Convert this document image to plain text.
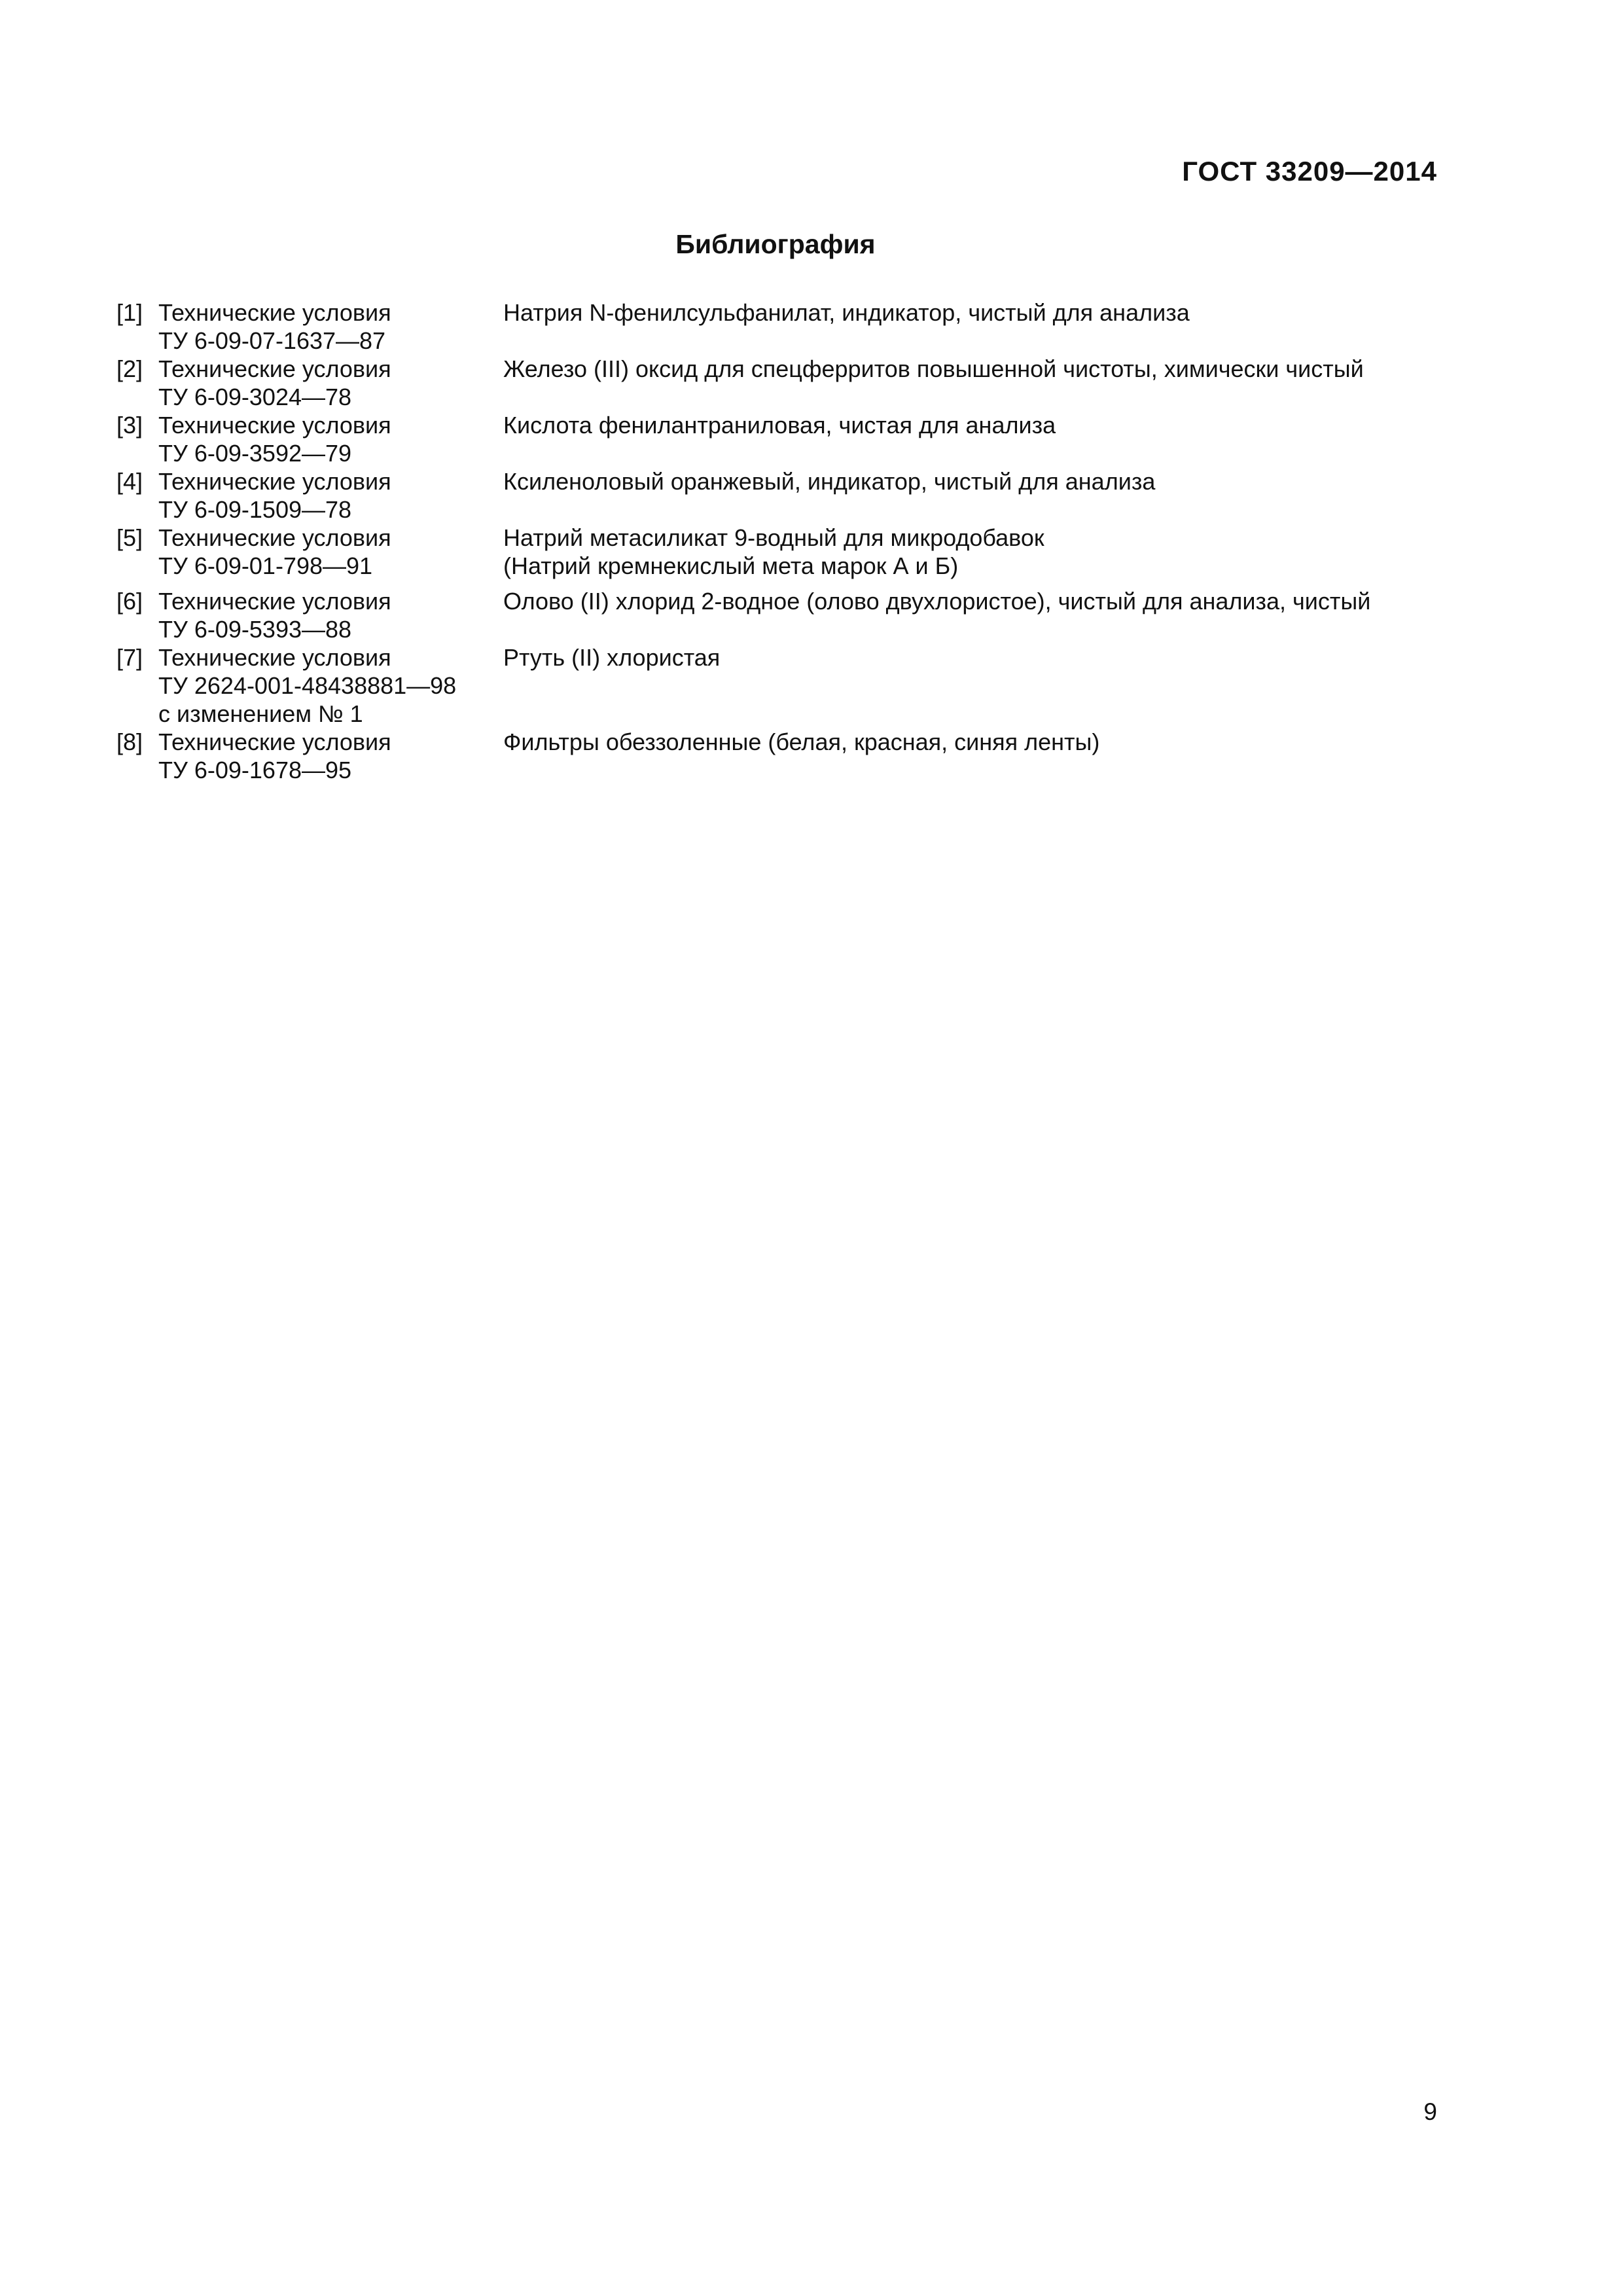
ГОСТ 33209—2014
Библиография
[1] Технические условия
ТУ 6-09-07-1637—87
Натрия N-фенилсульфанилат, индикатор, чистый для анализа
[2] Технические условия
ТУ 6-09-3024—78
Железо (III) оксид для спецферритов повышенной чистоты, химически чистый
[3] Технические условия
ТУ 6-09-3592—79
Кислота фенилантраниловая, чистая для анализа
[4] Технические условия
ТУ 6-09-1509—78
Ксиленоловый оранжевый, индикатор, чистый для анализа
[5] Технические условия
ТУ 6-09-01-798—91
Натрий метасиликат 9-водный для микродобавок
(Натрий кремнекислый мета марок А и Б)
[6] Технические условия
ТУ 6-09-5393—88
Олово (II) хлорид 2-водное (олово двухлористое), чистый для анализа, чистый
[7] Технические условия
ТУ 2624-001-48438881—98
с изменением № 1
Ртуть (II) хлористая
[8] Технические условия
ТУ 6-09-1678—95
Фильтры обеззоленные (белая, красная, синяя ленты)
9
